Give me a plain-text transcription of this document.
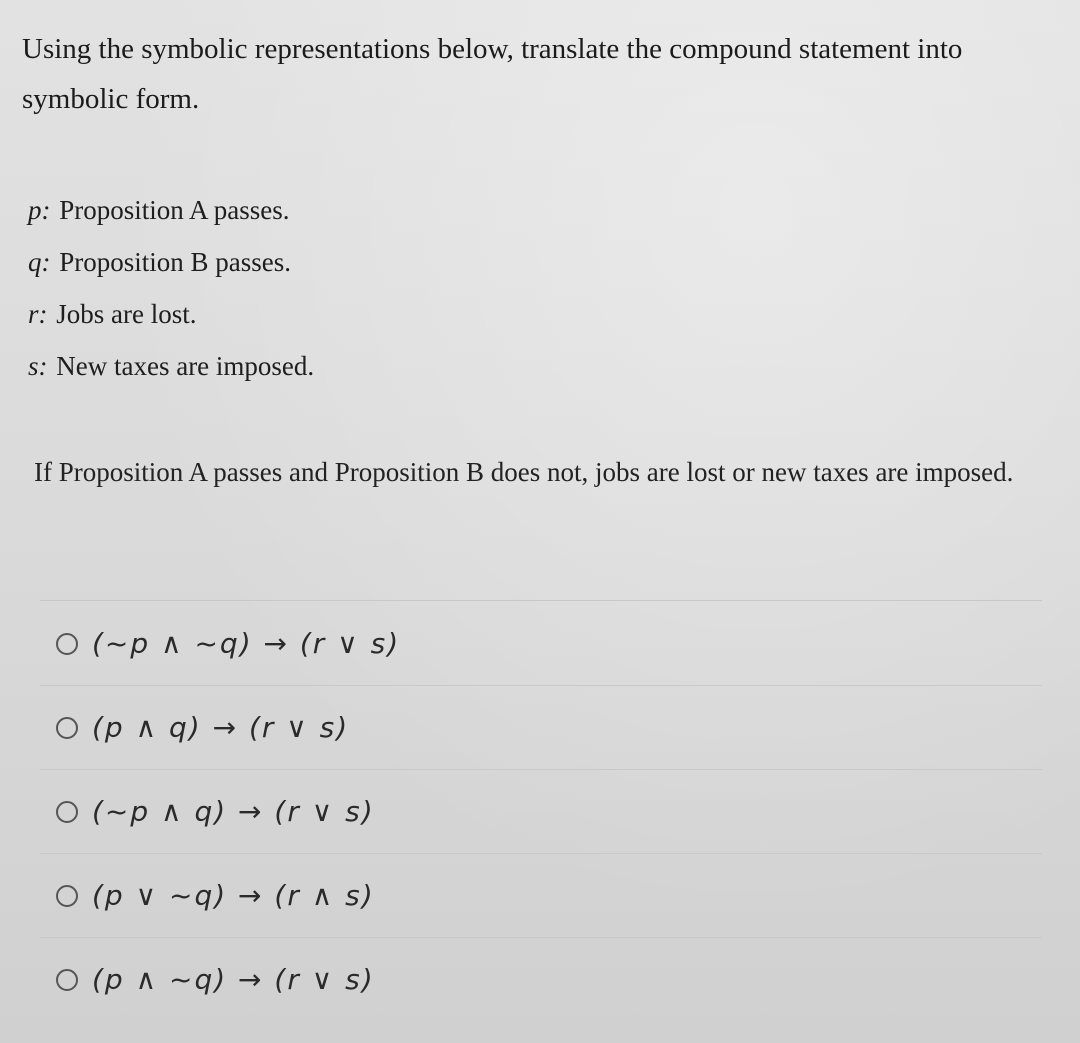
Using the symbolic representations below, translate the compound statement into symbolic form.
p: Proposition A passes.
q: Proposition B passes.
r: Jobs are lost.
s: New taxes are imposed.
If Proposition A passes and Proposition B does not, jobs are lost or new taxes are imposed.
(~p ∧ ~q) → (r ∨ s)
(p ∧ q) → (r ∨ s)
(~p ∧ q) → (r ∨ s)
(p ∨ ~q) → (r ∧ s)
(p ∧ ~q) → (r ∨ s)
